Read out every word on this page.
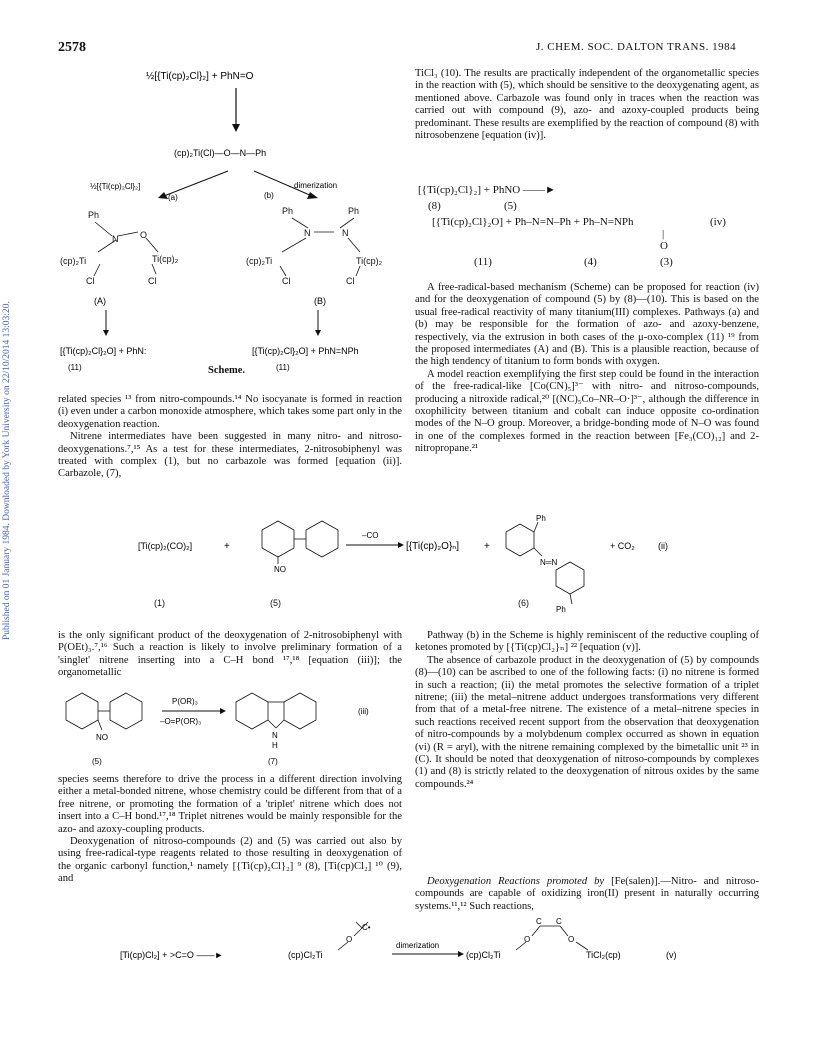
2578	J. CHEM. SOC. DALTON TRANS. 1984
Published on 01 January 1984. Downloaded by York University on 22/10/2014 13:03:20.
½[{Ti(cp)₂Cl}₂] + PhN=O
(cp)₂Ti(Cl)—O—N—Ph
½[{Ti(cp)₂Cl}₂]
(a)
dimerization
(b)
Ph
N O
(cp)₂Ti	Ti(cp)₂
Cl	Cl
(A)
Ph	Ph
N	N
(cp)₂Ti	Ti(cp)₂
Cl	Cl
(B)
[{Ti(cp)₂Cl}₂O] + PhN:	[{Ti(cp)₂Cl}₂O] + PhN=NPh
(11)	(11)
Scheme.

related species ¹³ from nitro-compounds.¹⁴ No isocyanate is formed in reaction (i) even under a carbon monoxide atmosphere, which takes some part only in the deoxygenation reaction.

Nitrene intermediates have been suggested in many nitro- and nitroso-deoxygenations.⁷,¹⁵ As a test for these intermediates, 2-nitrosobiphenyl was treated with complex (1), but no carbazole was formed [equation (ii)]. Carbazole, (7),

TiCl₃ (10). The results are practically independent of the organometallic species in the reaction with (5), which should be sensitive to the deoxygenating agent, as mentioned above. Carbazole was found only in traces when the reaction was carried out with compound (9), azo- and azoxy-coupled products being predominant. These results are exemplified by the reaction of compound (8) with nitrosobenzene [equation (iv)].

[{Ti(cp)₂Cl}₂] + PhNO ——►
(8)	(5)
[{Ti(cp)₂Cl}₂O] + Ph–N=N–Ph + Ph–N=NPh	(iv)
|
O
(11)	(4)	(3)

A free-radical-based mechanism (Scheme) can be proposed for reaction (iv) and for the deoxygenation of compound (5) by (8)—(10). This is based on the usual free-radical reactivity of many titanium(III) complexes. Pathways (a) and (b) may be responsible for the formation of azo- and azoxy-benzene, respectively, via the extrusion in both cases of the μ-oxo-complex (11) ¹⁹ from the proposed intermediates (A) and (B). This is a plausible reaction, because of the high tendency of titanium to form bonds with oxygen.

A model reaction exemplifying the first step could be found in the interaction of the free-radical-like [Co(CN)₅]³⁻ with nitro- and nitroso-compounds, producing a nitroxide radical,²⁰ [(NC)₅Co–NR–O·]³⁻, although the difference in oxophilicity between titanium and cobalt can induce opposite co-ordination modes of the N–O group. Moreover, a bridge-bonding mode of N–O was found in one of the complexes formed in the reaction between [Fe₃(CO)₁₂] and 2-nitropropane.²¹

[Ti(cp)₂(CO)₂]	+
NO
–CO
[{Ti(cp)₂O}ₙ] +
Ph
N═N
Ph
+ CO₂	(ii)
(1)	(5)	(6)

is the only significant product of the deoxygenation of 2-nitrosobiphenyl with P(OEt)₃.⁷,¹⁶ Such a reaction is likely to involve preliminary formation of a 'singlet' nitrene inserting into a C–H bond ¹⁷,¹⁸ [equation (iii)]; the organometallic

NO
P(OR)₃
–O=P(OR)₃
N
H
(iii)
(5)	(7)

species seems therefore to drive the process in a different direction involving either a metal-bonded nitrene, whose chemistry could be different from that of a free nitrene, or promoting the formation of a 'triplet' nitrene which does not insert into a C–H bond.¹⁷,¹⁸ Triplet nitrenes would be mainly responsible for the azo- and azoxy-coupling products.

Deoxygenation of nitroso-compounds (2) and (5) was carried out also by using free-radical-type reagents related to those resulting in deoxygenation of the organic carbonyl function,¹ namely [{Ti(cp)₂Cl}₂] ⁹ (8), [Ti(cp)Cl₂] ¹⁰ (9), and

Pathway (b) in the Scheme is highly reminiscent of the reductive coupling of ketones promoted by [{Ti(cp)Cl₂}ₙ] ²² [equation (v)].

The absence of carbazole product in the deoxygenation of (5) by compounds (8)—(10) can be ascribed to one of the following facts: (i) no nitrene is formed in such a reaction; (ii) the metal promotes the selective formation of a triplet nitrene; (iii) the metal–nitrene adduct undergoes transformations very different from that of a metal-free nitrene. The existence of a metal–nitrene species in such reactions received recent support from the observation that deoxygenation of nitro-compounds by a molybdenum complex occurred as shown in equation (vi) (R = aryl), with the nitrene remaining complexed by the bimetallic unit ²³ in (C). It should be noted that deoxygenation of nitroso-compounds by complexes (1) and (8) is strictly related to the deoxygenation of nitrous oxides by the same compounds.²⁴

Deoxygenation Reactions promoted by [Fe(salen)].—Nitro- and nitroso-compounds are capable of oxidizing iron(II) present in naturally occurring systems.¹¹,¹² Such reactions,

[Ti(cp)Cl₂] + >C=O ——►	(cp)Cl₂Ti
O
C•
dimerization
(cp)Cl₂Ti
O
C C
O
TiCl₂(cp)	(v)
